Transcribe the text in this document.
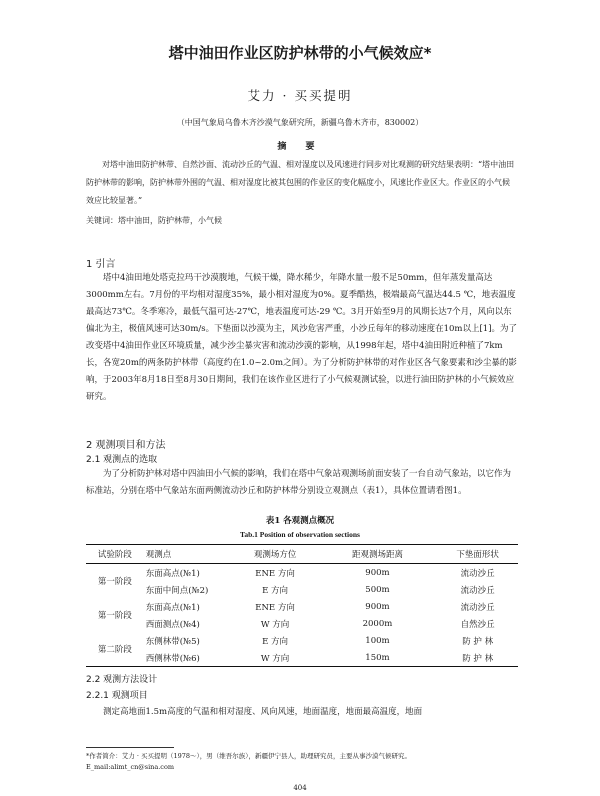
塔中油田作业区防护林带的小气候效应*
艾力 · 买买提明
（中国气象局乌鲁木齐沙漠气象研究所，新疆乌鲁木齐市，830002）
摘 要
对塔中油田防护林带、自然沙面、流动沙丘的气温、相对湿度以及风速进行同步对比观测的研究结果表明：“塔中油田防护林带的影响，防护林带外围的气温、相对湿度比被其包围的作业区的变化幅度小，风速比作业区大。作业区的小气候效应比较显著。”
关键词：塔中油田，防护林带，小气候
1 引言
塔中4油田地处塔克拉玛干沙漠腹地，气候干燥，降水稀少，年降水量一般不足50mm，但年蒸发量高达3000mm左右。7月份的平均相对湿度35%，最小相对湿度为0%。夏季酷热，极端最高气温达44.5 ℃，地表温度最高达73℃。冬季寒冷，最低气温可达-27℃，地表温度可达-29 ℃。3月开始至9月的风期长达7个月，风向以东偏北为主，极值风速可达30m/s。下垫面以沙漠为主，风沙危害严重，小沙丘每年的移动速度在10m以上[1]。为了改变塔中4油田作业区环境质量，减少沙尘暴灾害和流动沙漠的影响，从1998年起，塔中4油田附近种植了7km长，各宽20m的两条防护林带（高度约在1.0~2.0m之间）。为了分析防护林带的对作业区各气象要素和沙尘暴的影响，于2003年8月18日至8月30日期间，我们在该作业区进行了小气候观测试验，以进行油田防护林的小气候效应研究。
2 观测项目和方法
2.1 观测点的选取
为了分析防护林对塔中四油田小气候的影响，我们在塔中气象站观测场前面安装了一台自动气象站，以它作为标准站，分别在塔中气象站东面两侧流动沙丘和防护林带分别设立观测点（表1），具体位置请看图1。
表1 各观测点概况
Tab.1 Position of observation sections
试验阶段	观测点	观测场方位	距观测场距离	下垫面形状
第一阶段	东面高点(№1)	ENE 方向	900m	流动沙丘
	东面中间点(№2)	E 方向	500m	流动沙丘
第一阶段	东面高点(№1)	ENE 方向	900m	流动沙丘
	西面测点(№4)	W 方向	2000m	自然沙丘
第二阶段	东侧林带(№5)	E 方向	100m	防 护 林
	西侧林带(№6)	W 方向	150m	防 护 林
2.2 观测方法设计
2.2.1 观测项目
测定高地面1.5m高度的气温和相对湿度、风向风速，地面温度，地面最高温度，地面
*作者简介：艾力 · 买买提明（1978～），男（维吾尔族），新疆伊宁县人，助理研究员，主要从事沙漠气候研究。
E_mail:alimt_cn@sina.com
404
